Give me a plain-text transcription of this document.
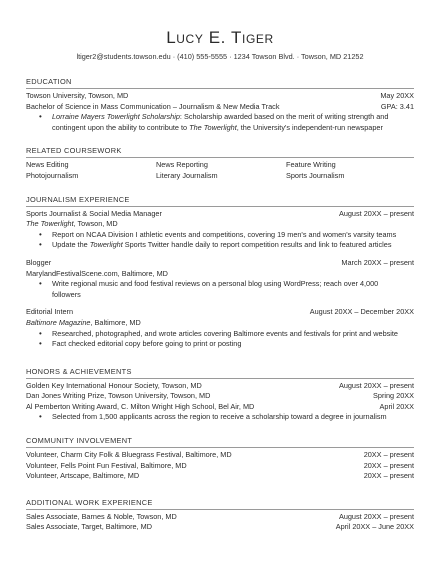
Lucy E. Tiger
ltiger2@students.towson.edu · (410) 555-5555 · 1234 Towson Blvd. · Towson, MD 21252
EDUCATION
Towson University, Towson, MD	May 20XX
Bachelor of Science in Mass Communication – Journalism & New Media Track	GPA: 3.41
• Lorraine Mayers Towerlight Scholarship: Scholarship awarded based on the merit of writing strength and
contingent upon the ability to contribute to The Towerlight, the University's independent-run newspaper
RELATED COURSEWORK
News Editing	News Reporting	Feature Writing
Photojournalism	Literary Journalism	Sports Journalism
JOURNALISM EXPERIENCE
Sports Journalist & Social Media Manager	August 20XX – present
The Towerlight, Towson, MD
• Report on NCAA Division I athletic events and competitions, covering 19 men's and women's varsity teams
• Update the Towerlight Sports Twitter handle daily to report competition results and link to featured articles
Blogger	March 20XX – present
MarylandFestivalScene.com, Baltimore, MD
• Write regional music and food festival reviews on a personal blog using WordPress; reach over 4,000
followers
Editorial Intern	August 20XX – December 20XX
Baltimore Magazine, Baltimore, MD
• Researched, photographed, and wrote articles covering Baltimore events and festivals for print and website
• Fact checked editorial copy before going to print or posting
HONORS & ACHIEVEMENTS
Golden Key International Honour Society, Towson, MD	August 20XX – present
Dan Jones Writing Prize, Towson University, Towson, MD	Spring 20XX
Al Pemberton Writing Award, C. Milton Wright High School, Bel Air, MD	April 20XX
• Selected from 1,500 applicants across the region to receive a scholarship toward a degree in journalism
COMMUNITY INVOLVEMENT
Volunteer, Charm City Folk & Bluegrass Festival, Baltimore, MD	20XX – present
Volunteer, Fells Point Fun Festival, Baltimore, MD	20XX – present
Volunteer, Artscape, Baltimore, MD	20XX – present
ADDITIONAL WORK EXPERIENCE
Sales Associate, Barnes & Noble, Towson, MD	August 20XX – present
Sales Associate, Target, Baltimore, MD	April 20XX – June 20XX
